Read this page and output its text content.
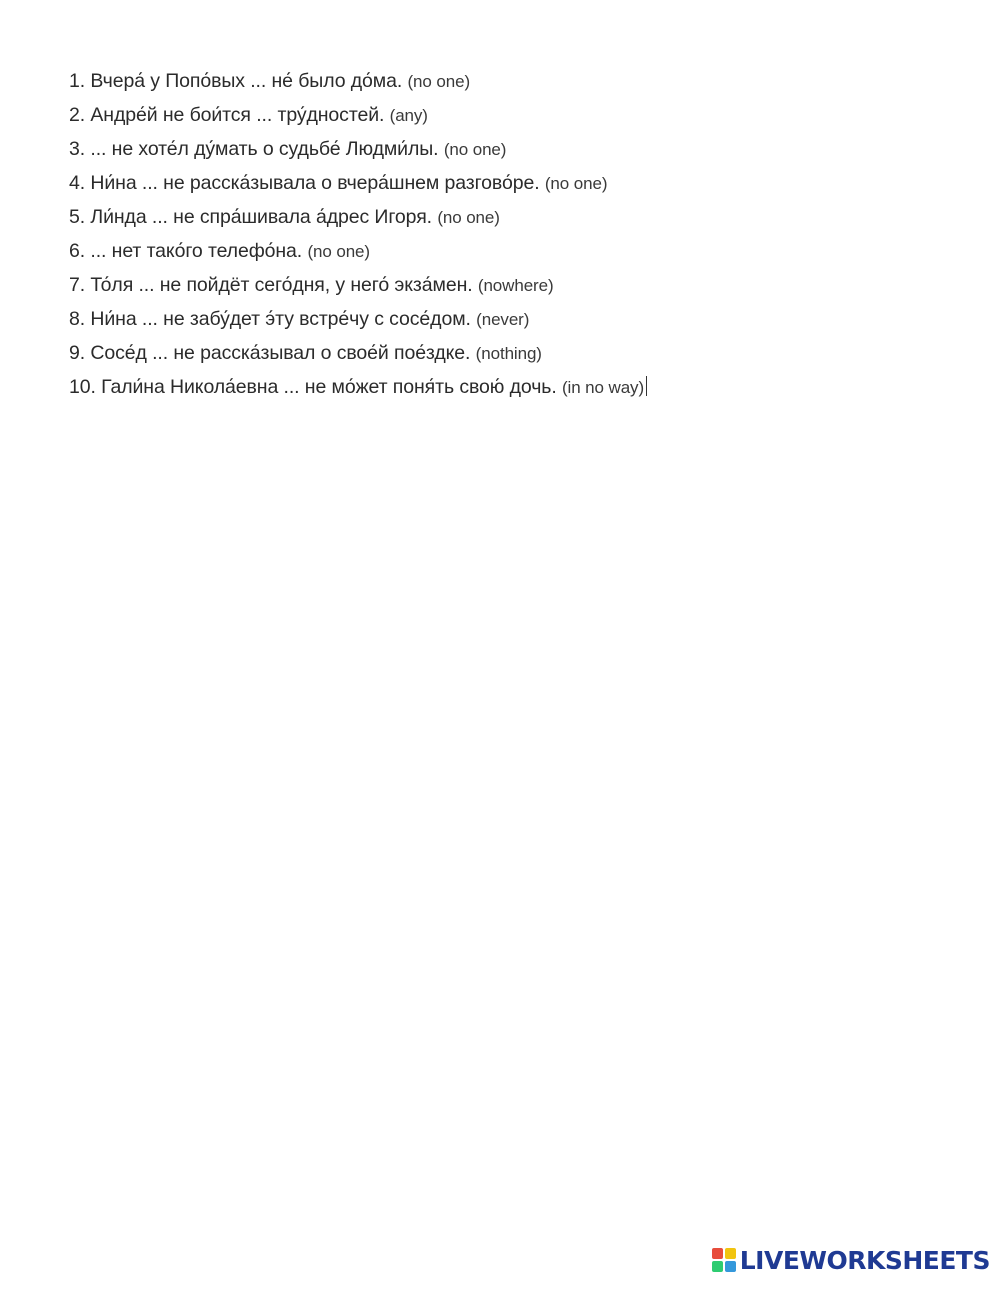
1. Вчера́ у Попо́вых ... не́ было до́ма. (no one)
2. Андре́й не бои́тся ... тру́дностей. (any)
3. ... не хоте́л ду́мать о судьбе́ Людми́лы. (no one)
4. Ни́на ... не расска́зывала о вчера́шнем разгово́ре. (no one)
5. Ли́нда ... не спра́шивала а́дрес Игоря. (no one)
6. ... нет тако́го телефо́на. (no one)
7. То́ля ... не пойдёт сего́дня, у него́ экза́мен. (nowhere)
8. Ни́на ... не забу́дет э́ту встре́чу с сосе́дом. (never)
9. Сосе́д ... не расска́зывал о свое́й пое́здке. (nothing)
10. Гали́на Никола́евна ... не мо́жет поня́ть свою́ дочь. (in no way)
LIVEWORKSHEETS
